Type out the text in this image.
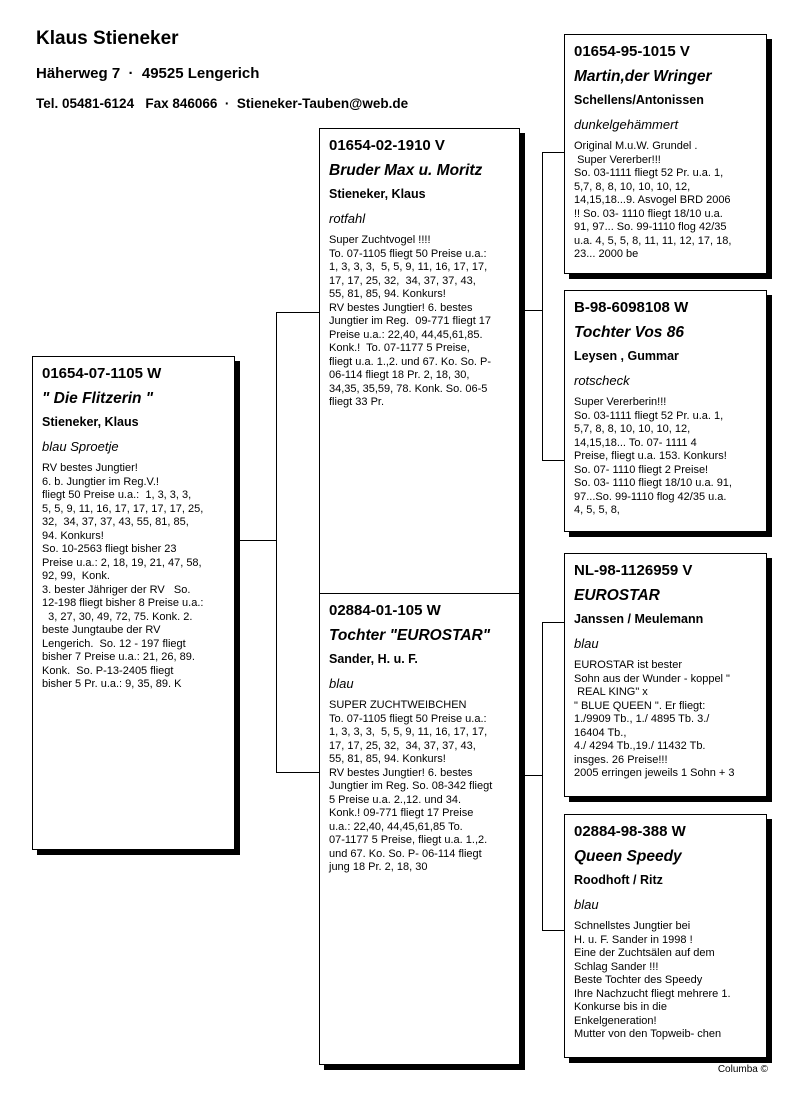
Klaus Stieneker
Häherweg 7  ·  49525 Lengerich
Tel. 05481-6124   Fax 846066  ·  Stieneker-Tauben@web.de
01654-07-1105 W
" Die Flitzerin "
Stieneker, Klaus
blau Sproetje
RV bestes Jungtier!
6. b. Jungtier im Reg.V.!
fliegt 50 Preise u.a.:  1, 3, 3, 3,
5, 5, 9, 11, 16, 17, 17, 17, 17, 25,
32,  34, 37, 37, 43, 55, 81, 85,
94. Konkurs!
So. 10-2563 fliegt bisher 23
Preise u.a.: 2, 18, 19, 21, 47, 58,
92, 99,  Konk.
3. bester Jähriger der RV   So.
12-198 fliegt bisher 8 Preise u.a.:
3, 27, 30, 49, 72, 75. Konk. 2.
beste Jungtaube der RV
Lengerich.  So. 12 - 197 fliegt
bisher 7 Preise u.a.: 21, 26, 89.
Konk.  So. P-13-2405 fliegt
bisher 5 Pr. u.a.: 9, 35, 89. K
01654-02-1910 V
Bruder Max u. Moritz
Stieneker, Klaus
rotfahl
Super Zuchtvogel !!!!
To. 07-1105 fliegt 50 Preise u.a.:
1, 3, 3, 3,  5, 5, 9, 11, 16, 17, 17,
17, 17, 25, 32,  34, 37, 37, 43,
55, 81, 85, 94. Konkurs!
RV bestes Jungtier! 6. bestes
Jungtier im Reg.  09-771 fliegt 17
Preise u.a.: 22,40, 44,45,61,85.
Konk.!  To. 07-1177 5 Preise,
fliegt u.a. 1.,2. und 67. Ko. So. P-
06-114 fliegt 18 Pr. 2, 18, 30,
34,35, 35,59, 78. Konk. So. 06-5
fliegt 33 Pr.
02884-01-105 W
Tochter "EUROSTAR"
Sander, H. u. F.
blau
SUPER ZUCHTWEIBCHEN
To. 07-1105 fliegt 50 Preise u.a.:
1, 3, 3, 3,  5, 5, 9, 11, 16, 17, 17,
17, 17, 25, 32,  34, 37, 37, 43,
55, 81, 85, 94. Konkurs!
RV bestes Jungtier! 6. bestes
Jungtier im Reg. So. 08-342 fliegt
5 Preise u.a. 2.,12. und 34.
Konk.! 09-771 fliegt 17 Preise
u.a.: 22,40, 44,45,61,85 To.
07-1177 5 Preise, fliegt u.a. 1.,2.
und 67. Ko. So. P- 06-114 fliegt
jung 18 Pr. 2, 18, 30
01654-95-1015 V
Martin,der Wringer
Schellens/Antonissen
dunkelgehämmert
Original M.u.W. Grundel .
Super Vererber!!!
So. 03-1111 fliegt 52 Pr. u.a. 1,
5,7, 8, 8, 10, 10, 10, 12,
14,15,18...9. Asvogel BRD 2006
!! So. 03- 1110 fliegt 18/10 u.a.
91, 97... So. 99-1110 flog 42/35
u.a. 4, 5, 5, 8, 11, 11, 12, 17, 18,
23... 2000 be
B-98-6098108 W
Tochter Vos 86
Leysen , Gummar
rotscheck
Super Vererberin!!!
So. 03-1111 fliegt 52 Pr. u.a. 1,
5,7, 8, 8, 10, 10, 10, 12,
14,15,18... To. 07- 1111 4
Preise, fliegt u.a. 153. Konkurs!
So. 07- 1110 fliegt 2 Preise!
So. 03- 1110 fliegt 18/10 u.a. 91,
97...So. 99-1110 flog 42/35 u.a.
4, 5, 5, 8,
NL-98-1126959 V
EUROSTAR
Janssen / Meulemann
blau
EUROSTAR ist bester
Sohn aus der Wunder - koppel "
REAL KING" x
" BLUE QUEEN ". Er fliegt:
1./9909 Tb., 1./ 4895 Tb. 3./
16404 Tb.,
4./ 4294 Tb.,19./ 11432 Tb.
insges. 26 Preise!!!
2005 erringen jeweils 1 Sohn + 3
02884-98-388 W
Queen Speedy
Roodhoft / Ritz
blau
Schnellstes Jungtier bei
H. u. F. Sander in 1998 !
Eine der Zuchtsälen auf dem
Schlag Sander !!!
Beste Tochter des Speedy
Ihre Nachzucht fliegt mehrere 1.
Konkurse bis in die
Enkelgeneration!
Mutter von den Topweib- chen
Columba ©
